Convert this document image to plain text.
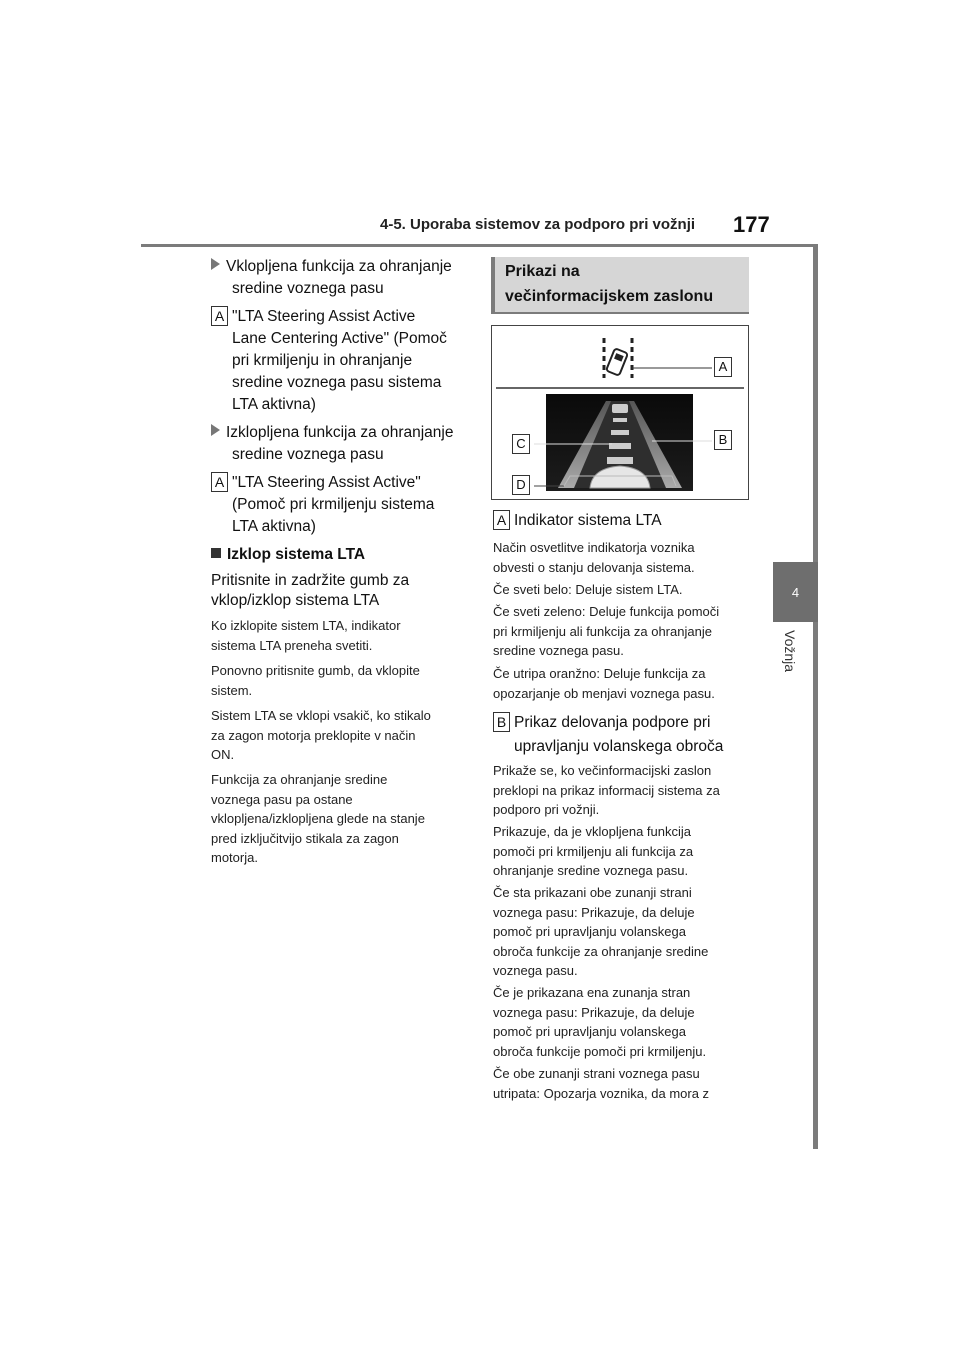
4-5. Uporaba sistemov za podporo pri vožnji 177
4
Vožnja
Vklopljena funkcija za ohranjanje
sredine voznega pasu
A "LTA Steering Assist Active
Lane Centering Active" (Pomoč
pri krmiljenju in ohranjanje
sredine voznega pasu sistema
LTA aktivna)
Izklopljena funkcija za ohranjanje
sredine voznega pasu
A "LTA Steering Assist Active"
(Pomoč pri krmiljenju sistema
LTA aktivna)
Izklop sistema LTA
Pritisnite in zadržite gumb za
vklop/izklop sistema LTA
Ko izklopite sistem LTA, indikator
sistema LTA preneha svetiti.
Ponovno pritisnite gumb, da vklopite
sistem.
Sistem LTA se vklopi vsakič, ko stikalo
za zagon motorja preklopite v način
ON.
Funkcija za ohranjanje sredine
voznega pasu pa ostane
vklopljena/izklopljena glede na stanje
pred izključitvijo stikala za zagon
motorja.
Prikazi na
večinformacijskem zaslonu
A
B
C
D
A Indikator sistema LTA
Način osvetlitve indikatorja voznika
obvesti o stanju delovanja sistema.
Če sveti belo: Deluje sistem LTA.
Če sveti zeleno: Deluje funkcija pomoči
pri krmiljenju ali funkcija za ohranjanje
sredine voznega pasu.
Če utripa oranžno: Deluje funkcija za
opozarjanje ob menjavi voznega pasu.
B Prikaz delovanja podpore pri
upravljanju volanskega obroča
Prikaže se, ko večinformacijski zaslon
preklopi na prikaz informacij sistema za
podporo pri vožnji.
Prikazuje, da je vklopljena funkcija
pomoči pri krmiljenju ali funkcija za
ohranjanje sredine voznega pasu.
Če sta prikazani obe zunanji strani
voznega pasu: Prikazuje, da deluje
pomoč pri upravljanju volanskega
obroča funkcije za ohranjanje sredine
voznega pasu.
Če je prikazana ena zunanja stran
voznega pasu: Prikazuje, da deluje
pomoč pri upravljanju volanskega
obroča funkcije pomoči pri krmiljenju.
Če obe zunanji strani voznega pasu
utripata: Opozarja voznika, da mora z
